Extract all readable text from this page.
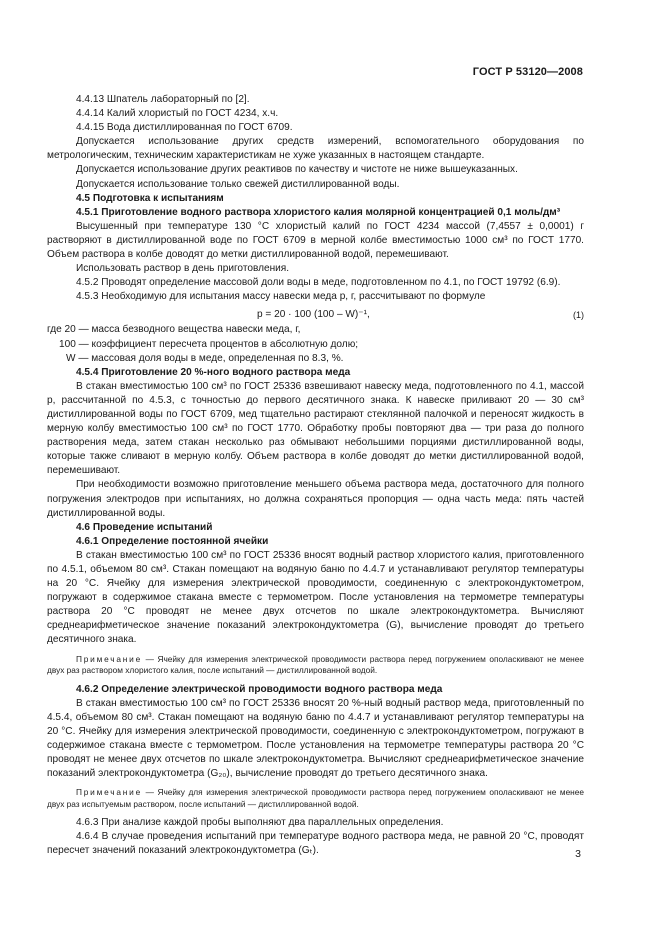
ГОСТ Р 53120—2008

4.4.13 Шпатель лабораторный по [2].

4.4.14 Калий хлористый по ГОСТ 4234, х.ч.

4.4.15 Вода дистиллированная по ГОСТ 6709.

Допускается использование других средств измерений, вспомогательного оборудования по метрологическим, техническим характеристикам не хуже указанных в настоящем стандарте.

Допускается использование других реактивов по качеству и чистоте не ниже вышеуказанных.

Допускается использование только свежей дистиллированной воды.

4.5 Подготовка к испытаниям

4.5.1 Приготовление водного раствора хлористого калия молярной концентрацией 0,1 моль/дм³

Высушенный при температуре 130 °С хлористый калий по ГОСТ 4234 массой (7,4557 ± 0,0001) г растворяют в дистиллированной воде по ГОСТ 6709 в мерной колбе вместимостью 1000 см³ по ГОСТ 1770. Объем раствора в колбе доводят до метки дистиллированной водой, перемешивают.

Использовать раствор в день приготовления.

4.5.2 Проводят определение массовой доли воды в меде, подготовленном по 4.1, по ГОСТ 19792 (6.9).

4.5.3 Необходимую для испытания массу навески меда p, г, рассчитывают по формуле

p = 20 · 100 (100 – W)⁻¹,	(1)

где 20 — масса безводного вещества навески меда, г,

100 — коэффициент пересчета процентов в абсолютную долю;

W — массовая доля воды в меде, определенная по 8.3, %.

4.5.4 Приготовление 20 %-ного водного раствора меда

В стакан вместимостью 100 см³ по ГОСТ 25336 взвешивают навеску меда, подготовленного по 4.1, массой р, рассчитанной по 4.5.3, с точностью до первого десятичного знака. К навеске приливают 20 — 30 см³ дистиллированной воды по ГОСТ 6709, мед тщательно растирают стеклянной палочкой и переносят жидкость в мерную колбу вместимостью 100 см³ по ГОСТ 1770. Обработку пробы повторяют два — три раза до полного растворения меда, затем стакан несколько раз обмывают небольшими порциями дистиллированной воды, которые также сливают в мерную колбу. Объем раствора в колбе доводят до метки дистиллированной водой, перемешивают.

При необходимости возможно приготовление меньшего объема раствора меда, достаточного для полного погружения электродов при испытаниях, но должна сохраняться пропорция — одна часть меда: пять частей дистиллированной воды.

4.6 Проведение испытаний

4.6.1 Определение постоянной ячейки

В стакан вместимостью 100 см³ по ГОСТ 25336 вносят водный раствор хлористого калия, приготовленного по 4.5.1, объемом 80 см³. Стакан помещают на водяную баню по 4.4.7 и устанавливают регулятор температуры на 20 °С. Ячейку для измерения электрической проводимости, соединенную с электрокондуктометром, погружают в содержимое стакана вместе с термометром. После установления на термометре температуры раствора 20 °С проводят не менее двух отсчетов по шкале электрокондуктометра. Вычисляют среднеарифметическое значение показаний электрокондуктометра (G), вычисление проводят до третьего десятичного знака.

Примечание — Ячейку для измерения электрической проводимости раствора перед погружением ополаскивают не менее двух раз раствором хлористого калия, после испытаний — дистиллированной водой.

4.6.2 Определение электрической проводимости водного раствора меда

В стакан вместимостью 100 см³ по ГОСТ 25336 вносят 20 %-ный водный раствор меда, приготовленный по 4.5.4, объемом 80 см³. Стакан помещают на водяную баню по 4.4.7 и устанавливают регулятор температуры на 20 °С. Ячейку для измерения электрической проводимости, соединенную с электрокондуктометром, погружают в содержимое стакана вместе с термометром. После установления на термометре температуры раствора 20 °С проводят не менее двух отсчетов по шкале электрокондуктометра. Вычисляют среднеарифметическое значение показаний электрокондуктометра (G₂₀), вычисление проводят до третьего десятичного знака.

Примечание — Ячейку для измерения электрической проводимости раствора перед погружением ополаскивают не менее двух раз испытуемым раствором, после испытаний — дистиллированной водой.

4.6.3 При анализе каждой пробы выполняют два параллельных определения.

4.6.4 В случае проведения испытаний при температуре водного раствора меда, не равной 20 °С, проводят пересчет значений показаний электрокондуктометра (Gₜ).	3
